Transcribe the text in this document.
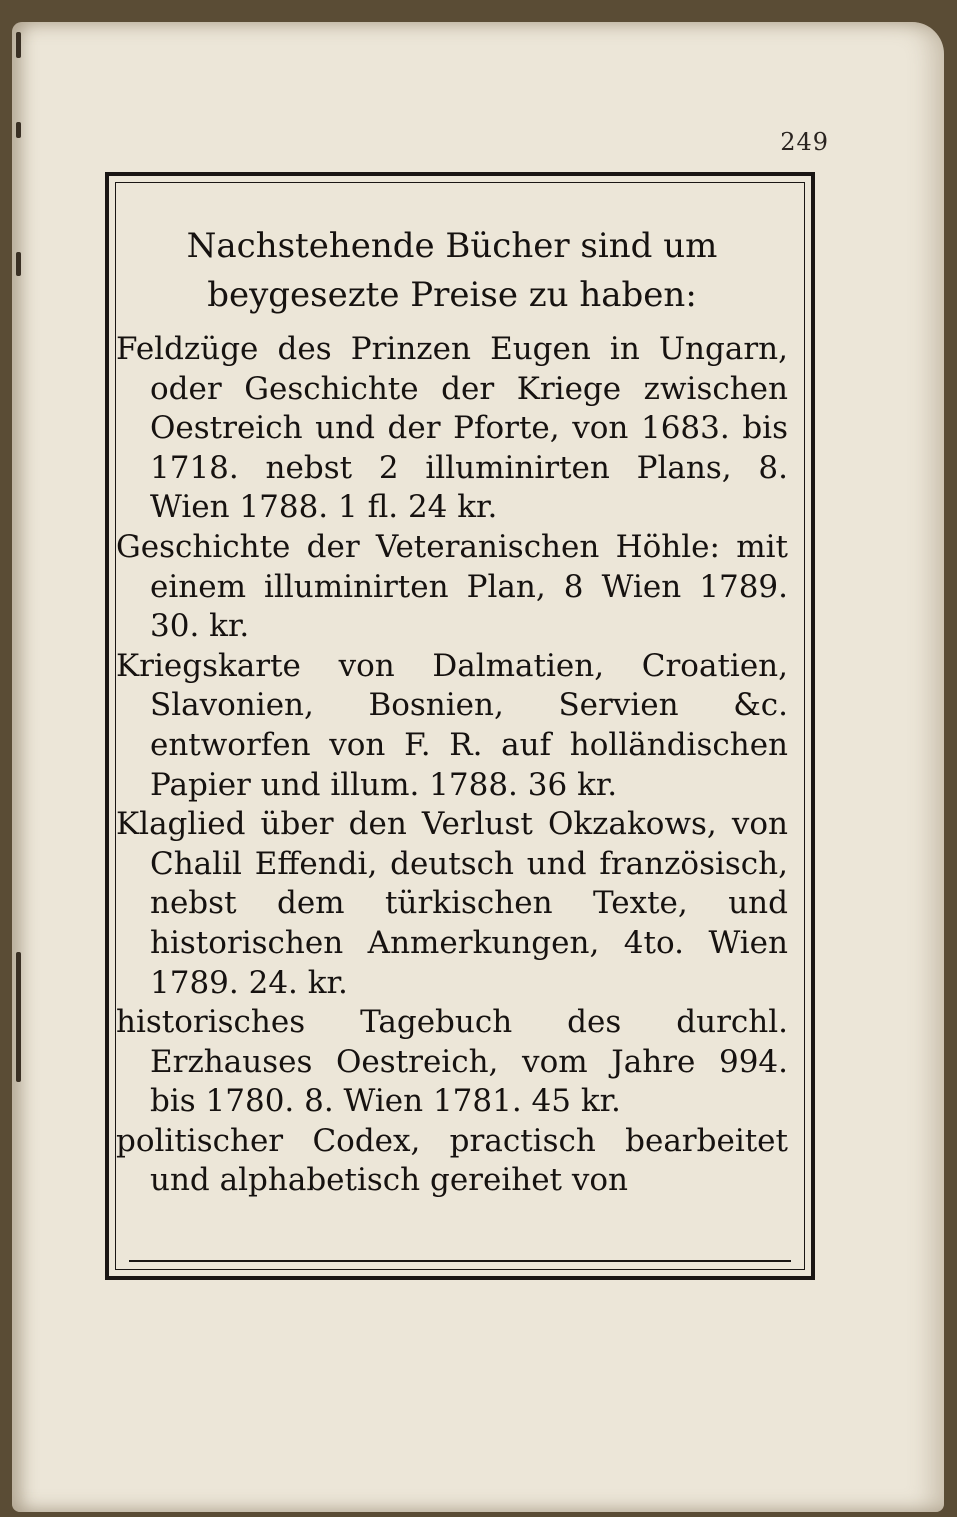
249

Nachstehende Bücher sind um beygesezte Preise zu haben:

Feldzüge des Prinzen Eugen in Ungarn, oder Geschichte der Kriege zwischen Oestreich und der Pforte, von 1683. bis 1718. nebst 2 illuminirten Plans, 8. Wien 1788. 1 fl. 24 kr.

Geschichte der Veteranischen Höhle: mit einem illuminirten Plan, 8 Wien 1789. 30. kr.

Kriegskarte von Dalmatien, Croatien, Slavonien, Bosnien, Servien &c. entworfen von F. R. auf holländischen Papier und illum. 1788. 36 kr.

Klaglied über den Verlust Okzakows, von Chalil Effendi, deutsch und französisch, nebst dem türkischen Texte, und historischen Anmerkungen, 4to. Wien 1789. 24. kr.

historisches Tagebuch des durchl. Erzhauses Oestreich, vom Jahre 994. bis 1780. 8. Wien 1781. 45 kr.

politischer Codex, practisch bearbeitet und alphabetisch gereihet von
